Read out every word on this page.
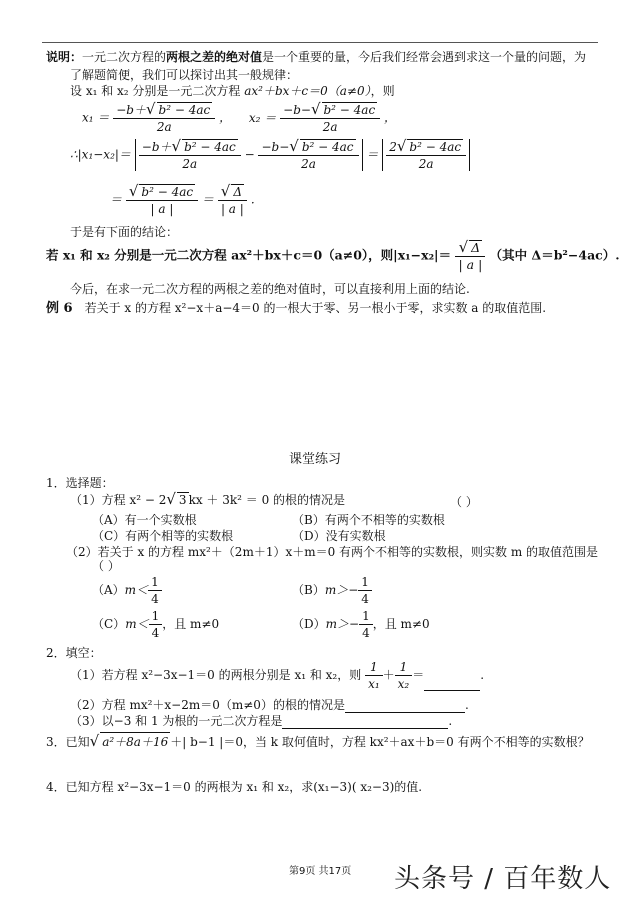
说明：一元二次方程的两根之差的绝对值是一个重要的量，今后我们经常会遇到求这一个量的问题，为
了解题简便，我们可以探讨出其一般规律：
设 x₁ 和 x₂ 分别是一元二次方程 ax²＋bx＋c＝0（a≠0），则
$x_1 = \frac{\text{−b＋√ b² − 4ac}}{2a}$ ， $x_2 = \frac{\text{−b−√ b² − 4ac}}{2a}$ ，
∴|x₁−x₂|＝ $\frac{\text{−b＋√ b² − 4ac}}{2a} - \frac{\text{−b−√ b² − 4ac}}{2a} = \frac{\text{2√ b² − 4ac}}{2a}$
＝ $\frac{\text{√ b² − 4ac}}{| a |} = \frac{√ \Delta}{| a |}$ .
于是有下面的结论：
若 x₁ 和 x₂ 分别是一元二次方程 ax²＋bx＋c＝0（a≠0），则$|x_1-x_2|= \frac{√ \Delta}{| a |}$ （其中 Δ＝b²−4ac）.
今后，在求一元二次方程的两根之差的绝对值时，可以直接利用上面的结论.
例 6 若关于 x 的方程 x²−x＋a−4＝0 的一根大于零、另一根小于零，求实数 a 的取值范围.
课堂练习
1．选择题：
（1）方程 x² − 2√ 3 kx ＋ 3k² ＝ 0 的根的情况是	（ ）
（A）有一个实数根	（B）有两个不相等的实数根
（C）有两个相等的实数根	（D）没有实数根
（2）若关于 x 的方程 mx²＋（2m＋1）x＋m＝0 有两个不相等的实数根，则实数 m 的取值范围是
（ ）
$(A)m< \frac{1}{4}$	$(B)m>- \frac{1}{4}$
$(C)m< \frac{1}{4}$ ，且 m≠0	$(D)m>- \frac{1}{4}$ ，且 m≠0
2．填空：
（1）若方程 x²−3x−1＝0 的两根分别是 x₁ 和 x₂，则 $\frac{1}{\text{x₁}} + \frac{1}{\text{x₂}}$ ＝	.
（2）方程 mx²＋x−2m＝0（m≠0）的根的情况是	.
（3）以−3 和 1 为根的一元二次方程是	.
3．已知√ a²＋8a＋16 ＋| b−1 |＝0，当 k 取何值时，方程 kx²＋ax＋b＝0 有两个不相等的实数根？
4．已知方程 x²−3x−1＝0 的两根为 x₁ 和 x₂，求(x₁−3)( x₂−3)的值.
第9页 共17页 头条号 / 百年数人
